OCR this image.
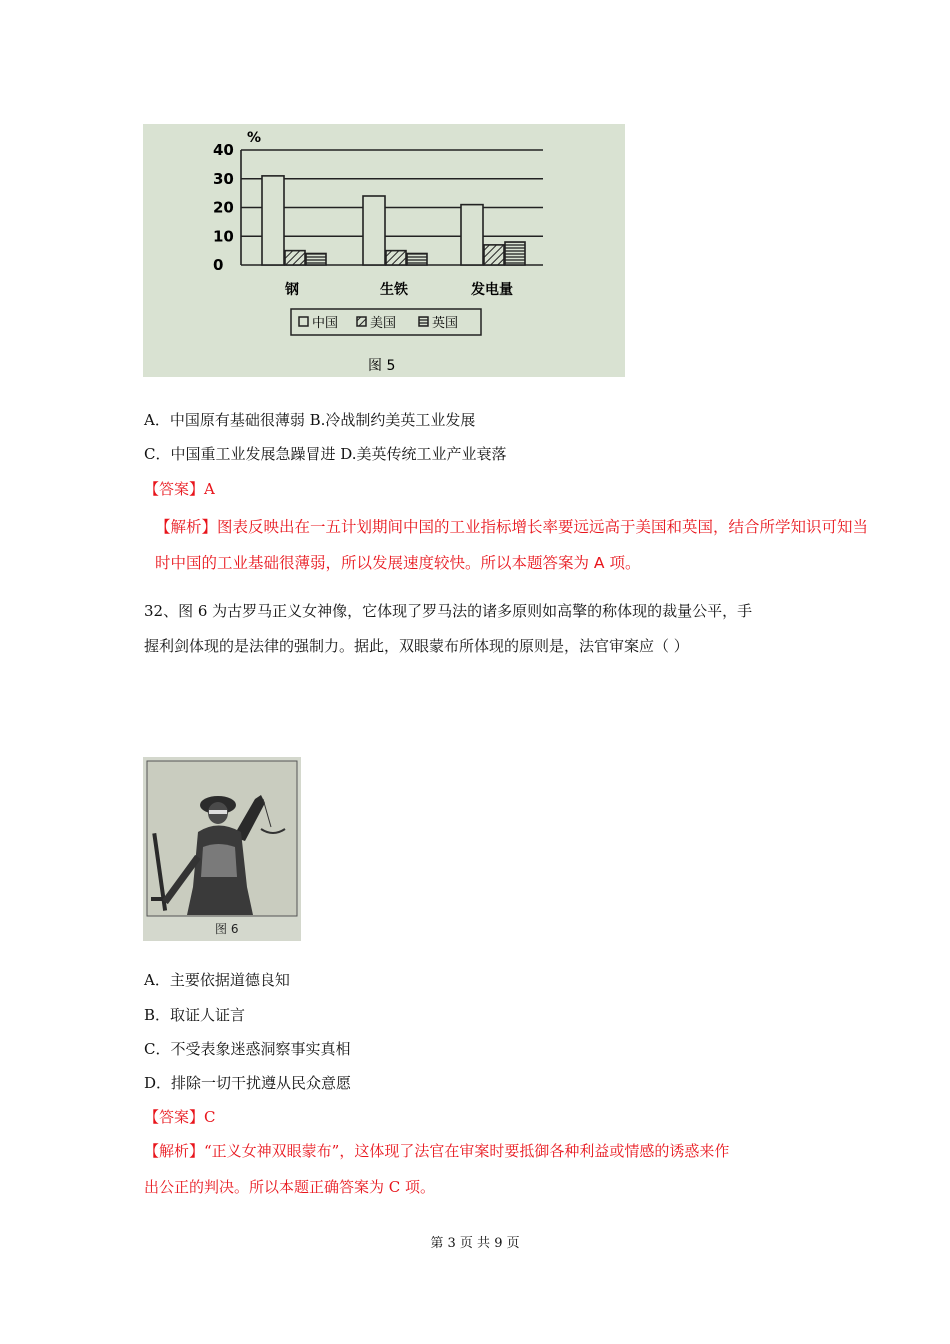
%
40
30
20
10
0
钢	生铁	发电量
中国 美国	英国
图 5
A．中国原有基础很薄弱 B.冷战制约美英工业发展
C．中国重工业发展急躁冒进 D.美英传统工业产业衰落
【答案】A
【解析】图表反映出在一五计划期间中国的工业指标增长率要远远高于美国和英国，结合所学知识可知当
时中国的工业基础很薄弱，所以发展速度较快。所以本题答案为 A 项。
32、图 6 为古罗马正义女神像，它体现了罗马法的诸多原则如高擎的称体现的裁量公平，手
握利剑体现的是法律的强制力。据此，双眼蒙布所体现的原则是，法官审案应（ ）
图 6
A．主要依据道德良知
B．取证人证言
C．不受表象迷惑洞察事实真相
D．排除一切干扰遵从民众意愿
【答案】C
【解析】“正义女神双眼蒙布”，这体现了法官在审案时要抵御各种利益或情感的诱惑来作
出公正的判决。所以本题正确答案为 C 项。
第 3 页 共 9 页
